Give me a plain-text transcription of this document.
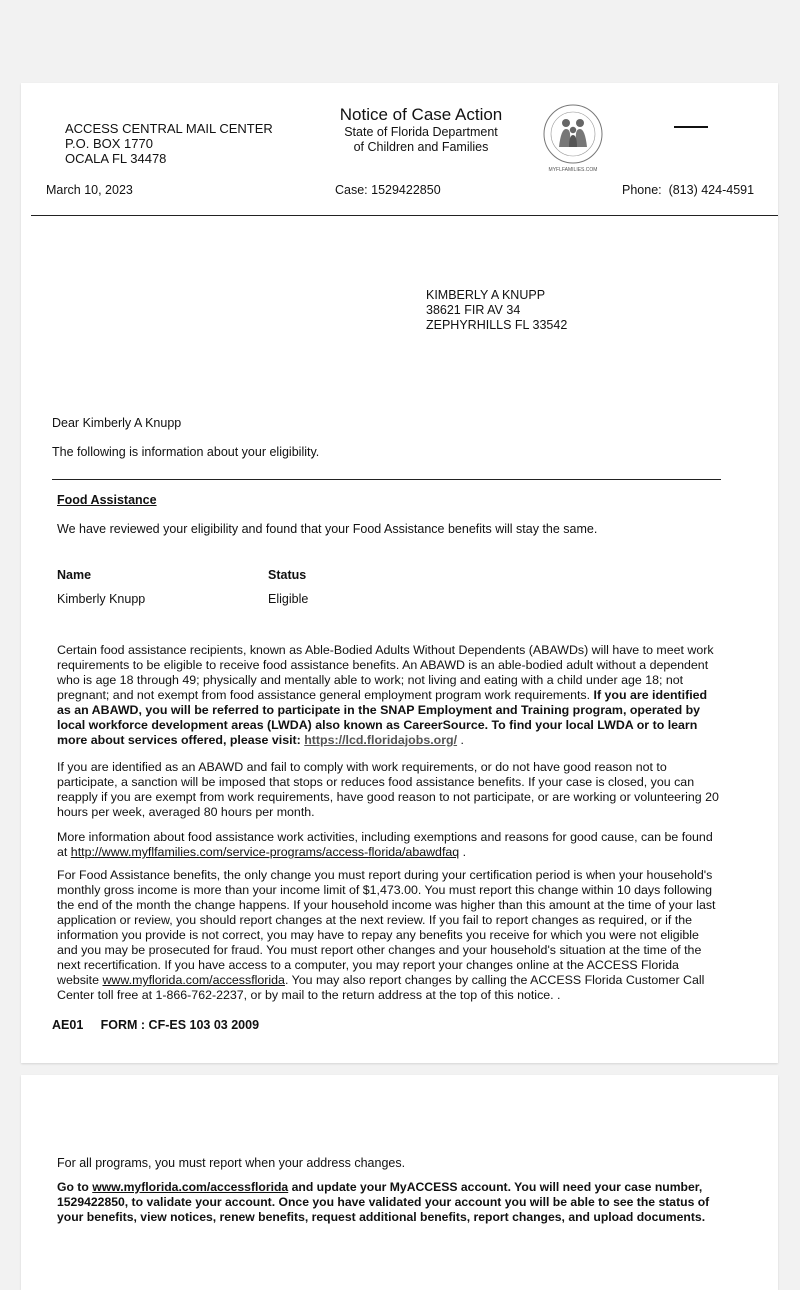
ACCESS CENTRAL MAIL CENTER
P.O. BOX 1770
OCALA FL 34478
Notice of Case Action
State of Florida Department
of Children and Families
MYFLFAMILIES.COM
March 10, 2023	Case: 1529422850	Phone:  (813) 424-4591
KIMBERLY A KNUPP
38621 FIR AV 34
ZEPHYRHILLS FL 33542
Dear Kimberly A Knupp
The following is information about your eligibility.
Food Assistance
We have reviewed your eligibility and found that your Food Assistance benefits will stay the same.
Name	Status
Kimberly Knupp	Eligible
Certain food assistance recipients, known as Able-Bodied Adults Without Dependents (ABAWDs) will have to meet work requirements to be eligible to receive food assistance benefits. An ABAWD is an able-bodied adult without a dependent who is age 18 through 49; physically and mentally able to work; not living and eating with a child under age 18; not pregnant; and not exempt from food assistance general employment program work requirements. If you are identified as an ABAWD, you will be referred to participate in the SNAP Employment and Training program, operated by local workforce development areas (LWDA) also known as CareerSource. To find your local LWDA or to learn more about services offered, please visit: https://lcd.floridajobs.org/ .
If you are identified as an ABAWD and fail to comply with work requirements, or do not have good reason not to participate, a sanction will be imposed that stops or reduces food assistance benefits. If your case is closed, you can reapply if you are exempt from work requirements, have good reason to not participate, or are working or volunteering 20 hours per week, averaged 80 hours per month.
More information about food assistance work activities, including exemptions and reasons for good cause, can be found at http://www.myflfamilies.com/service-programs/access-florida/abawdfaq .
For Food Assistance benefits, the only change you must report during your certification period is when your household's monthly gross income is more than your income limit of $1,473.00. You must report this change within 10 days following the end of the month the change happens. If your household income was higher than this amount at the time of your last application or review, you should report changes at the next review. If you fail to report changes as required, or if the information you provide is not correct, you may have to repay any benefits you receive for which you were not eligible and you may be prosecuted for fraud. You must report other changes and your household's situation at the time of the next recertification. If you have access to a computer, you may report your changes online at the ACCESS Florida website www.myflorida.com/accessflorida. You may also report changes by calling the ACCESS Florida Customer Call Center toll free at 1-866-762-2237, or by mail to the return address at the top of this notice. .
AE01     FORM : CF-ES 103 03 2009
For all programs, you must report when your address changes.
Go to www.myflorida.com/accessflorida and update your MyACCESS account. You will need your case number, 1529422850, to validate your account. Once you have validated your account you will be able to see the status of your benefits, view notices, renew benefits, request additional benefits, report changes, and upload documents.
